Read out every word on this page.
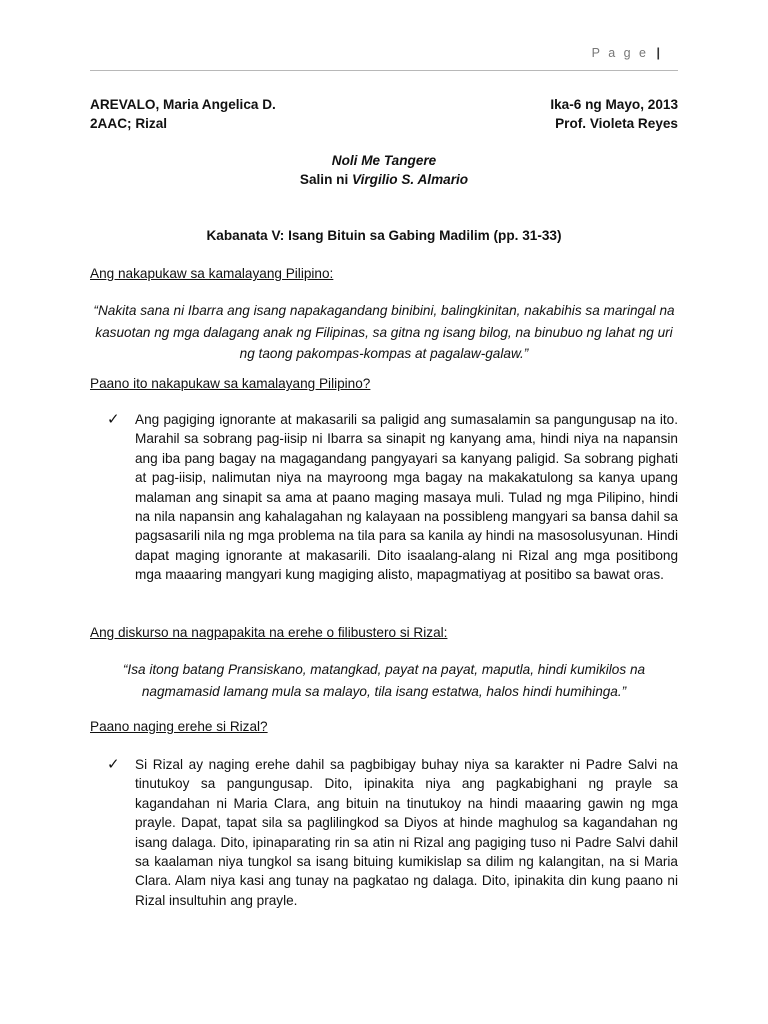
P a g e |
AREVALO, Maria Angelica D.	Ika-6 ng Mayo, 2013
2AAC; Rizal	Prof. Violeta Reyes
Noli Me Tangere
Salin ni Virgilio S. Almario
Kabanata V: Isang Bituin sa Gabing Madilim (pp. 31-33)
Ang nakapukaw sa kamalayang Pilipino:
“Nakita sana ni Ibarra ang isang napakagandang binibini, balingkinitan, nakabihis sa maringal na kasuotan ng mga dalagang anak ng Filipinas, sa gitna ng isang bilog, na binubuo ng lahat ng uri ng taong pakompas-kompas at pagalaw-galaw.”
Paano ito nakapukaw sa kamalayang Pilipino?
✓	Ang pagiging ignorante at makasarili sa paligid ang sumasalamin sa pangungusap na ito. Marahil sa sobrang pag-iisip ni Ibarra sa sinapit ng kanyang ama, hindi niya na napansin ang iba pang bagay na magagandang pangyayari sa kanyang paligid. Sa sobrang pighati at pag-iisip, nalimutan niya na mayroong mga bagay na makakatulong sa kanya upang malaman ang sinapit sa ama at paano maging masaya muli. Tulad ng mga Pilipino, hindi na nila napansin ang kahalagahan ng kalayaan na possibleng mangyari sa bansa dahil sa pagsasarili nila ng mga problema na tila para sa kanila ay hindi na masosolusyunan. Hindi dapat maging ignorante at makasarili. Dito isaalang-alang ni Rizal ang mga positibong mga maaaring mangyari kung magiging alisto, mapagmatiyag at positibo sa bawat oras.
Ang diskurso na nagpapakita na erehe o filibustero si Rizal:
“Isa itong batang Pransiskano, matangkad, payat na payat, maputla, hindi kumikilos na nagmamasid lamang mula sa malayo, tila isang estatwa, halos hindi humihinga.”
Paano naging erehe si Rizal?
✓	Si Rizal ay naging erehe dahil sa pagbibigay buhay niya sa karakter ni Padre Salvi na tinutukoy sa pangungusap. Dito, ipinakita niya ang pagkabighani ng prayle sa kagandahan ni Maria Clara, ang bituin na tinutukoy na hindi maaaring gawin ng mga prayle. Dapat, tapat sila sa paglilingkod sa Diyos at hinde maghulog sa kagandahan ng isang dalaga. Dito, ipinaparating rin sa atin ni Rizal ang pagiging tuso ni Padre Salvi dahil sa kaalaman niya tungkol sa isang bituing kumikislap sa dilim ng kalangitan, na si Maria Clara. Alam niya kasi ang tunay na pagkatao ng dalaga. Dito, ipinakita din kung paano ni Rizal insultuhin ang prayle.
